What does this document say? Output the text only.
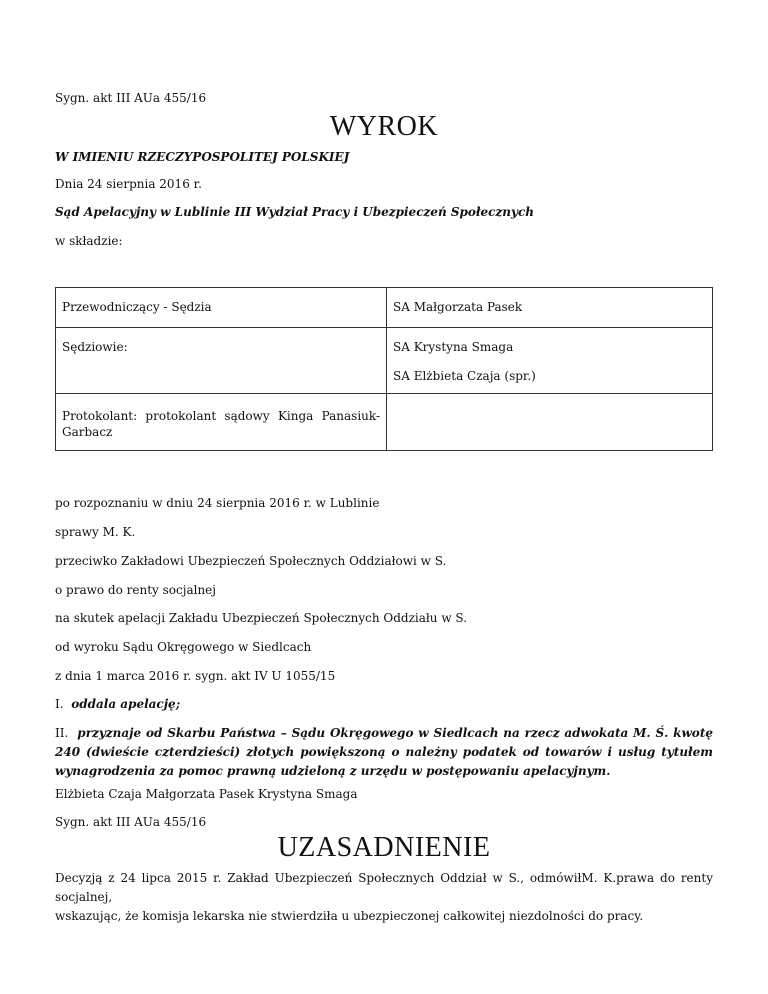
Sygn. akt III AUa 455/16
WYROK
W IMIENIU RZECZYPOSPOLITEJ POLSKIEJ
Dnia 24 sierpnia 2016 r.
Sąd Apelacyjny w Lublinie III Wydział Pracy i Ubezpieczeń Społecznych
w składzie:
Przewodniczący - Sędzia	SA Małgorzata Pasek

Sędziowie:	SA Krystyna Smaga
SA Elżbieta Czaja (spr.)

Protokolant: protokolant sądowy Kinga Panasiuk-
Garbacz	

po rozpoznaniu w dniu 24 sierpnia 2016 r. w Lublinie
sprawy M. K.
przeciwko Zakładowi Ubezpieczeń Społecznych Oddziałowi w S.
o prawo do renty socjalnej
na skutek apelacji Zakładu Ubezpieczeń Społecznych Oddziału w S.
od wyroku Sądu Okręgowego w Siedlcach
z dnia 1 marca 2016 r. sygn. akt IV U 1055/15
I. oddala apelację;
II. przyznaje od Skarbu Państwa – Sądu Okręgowego w Siedlcach na rzecz adwokata M. Ś. kwotę
240 (dwieście czterdzieści) złotych powiększoną o należny podatek od towarów i usług tytułem
wynagrodzenia za pomoc prawną udzieloną z urzędu w postępowaniu apelacyjnym.
Elżbieta Czaja Małgorzata Pasek Krystyna Smaga
Sygn. akt III AUa 455/16
UZASADNIENIE
Decyzją z 24 lipca 2015 r. Zakład Ubezpieczeń Społecznych Oddział w S., odmówiłM. K.prawa do renty socjalnej,
wskazując, że komisja lekarska nie stwierdziła u ubezpieczonej całkowitej niezdolności do pracy.
